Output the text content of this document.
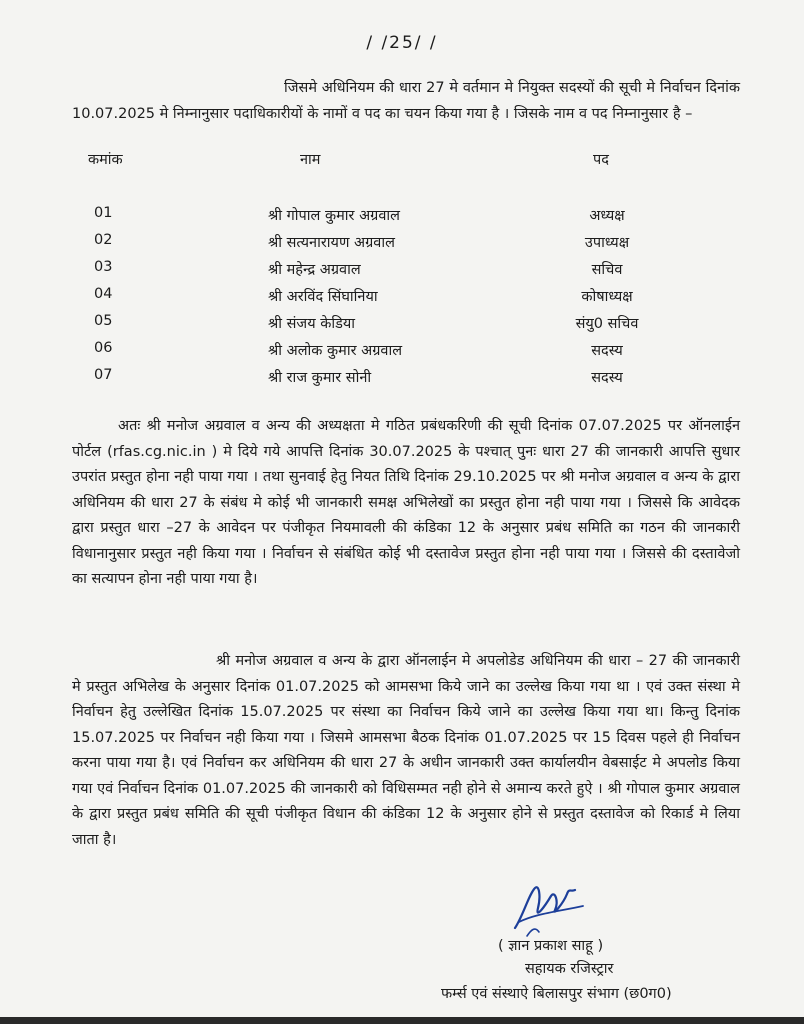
/ /25/ /
जिसमे अधिनियम की धारा 27 मे वर्तमान मे नियुक्त सदस्यों की सूची मे निर्वाचन दिनांक 10.07.2025 मे निम्नानुसार पदाधिकारीयों के नामों व पद का चयन किया गया है । जिसके नाम व पद निम्नानुसार है –
कमांक	नाम	पद
01	श्री गोपाल कुमार अग्रवाल	अध्यक्ष
02	श्री सत्यनारायण अग्रवाल	उपाध्यक्ष
03	श्री महेन्द्र अग्रवाल	सचिव
04	श्री अरविंद सिंघानिया	कोषाध्यक्ष
05	श्री संजय केडिया	संयु0 सचिव
06	श्री अलोक कुमार अग्रवाल	सदस्य
07	श्री राज कुमार सोनी	सदस्य
अतः श्री मनोज अग्रवाल व अन्य की अध्यक्षता मे गठित प्रबंधकरिणी की सूची दिनांक 07.07.2025 पर ऑनलाईन पोर्टल (rfas.cg.nic.in ) मे दिये गये आपत्ति दिनांक 30.07.2025 के पश्चात् पुनः धारा 27 की जानकारी आपत्ति सुधार उपरांत प्रस्तुत होना नही पाया गया । तथा सुनवाई हेतु नियत तिथि दिनांक 29.10.2025 पर श्री मनोज अग्रवाल व अन्य के द्वारा अधिनियम की धारा 27 के संबंध मे कोई भी जानकारी समक्ष अभिलेखों का प्रस्तुत होना नही पाया गया । जिससे कि आवेदक द्वारा प्रस्तुत धारा –27 के आवेदन पर पंजीकृत नियमावली की कंडिका 12 के अनुसार प्रबंध समिति का गठन की जानकारी विधानानुसार प्रस्तुत नही किया गया । निर्वाचन से संबंधित कोई भी दस्तावेज प्रस्तुत होना नही पाया गया । जिससे की दस्तावेजो का सत्यापन होना नही पाया गया है।
श्री मनोज अग्रवाल व अन्य के द्वारा ऑनलाईन मे अपलोडेड अधिनियम की धारा – 27 की जानकारी मे प्रस्तुत अभिलेख के अनुसार दिनांक 01.07.2025 को आमसभा किये जाने का उल्लेख किया गया था । एवं उक्त संस्था मे निर्वाचन हेतु उल्लेखित दिनांक 15.07.2025 पर संस्था का निर्वाचन किये जाने का उल्लेख किया गया था। किन्तु दिनांक 15.07.2025 पर निर्वाचन नही किया गया । जिसमे आमसभा बैठक दिनांक 01.07.2025 पर 15 दिवस पहले ही निर्वाचन करना पाया गया है। एवं निर्वाचन कर अधिनियम की धारा 27 के अधीन जानकारी उक्त कार्यालयीन वेबसाईट मे अपलोड किया गया एवं निर्वाचन दिनांक 01.07.2025 की जानकारी को विधिसम्मत नही होने से अमान्य करते हुऐ । श्री गोपाल कुमार अग्रवाल के द्वारा प्रस्तुत प्रबंध समिति की सूची पंजीकृत विधान की कंडिका 12 के अनुसार होने से प्रस्तुत दस्तावेज को रिकार्ड मे लिया जाता है।
( ज्ञान प्रकाश साहू )
सहायक रजिस्ट्रार
फर्म्स एवं संस्थाऐ बिलासपुर संभाग (छ0ग0)
